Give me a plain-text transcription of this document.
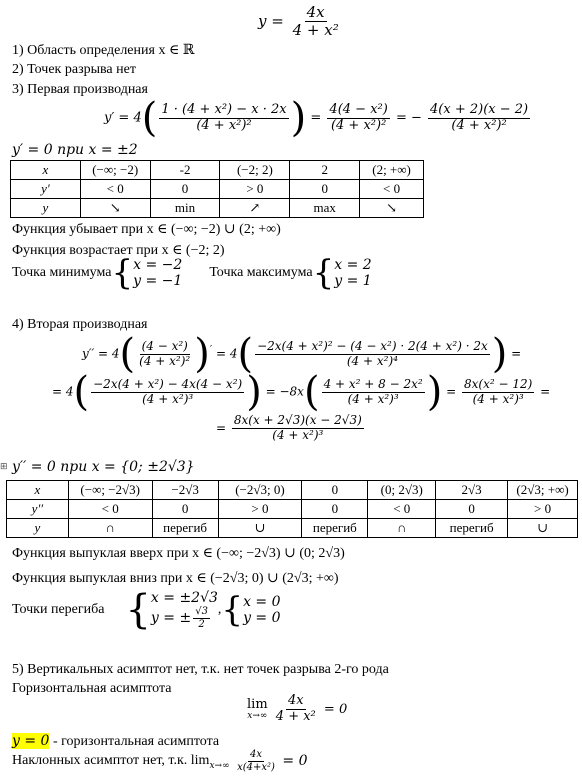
$y = \frac{4x}{\text{4 + x²}}$
1) Область определения x ∈ ℝ
2) Точек разрыва нет
3) Первая производная
$y' = 4( \frac{\text{1 · (4 + x²) − x · 2x}}{\text{(4 + x²)²}}$ ) = $\frac{\text{4(4 − x²)}}{\text{(4 + x²)²}}$ = − $\frac{4(x + 2)(x - 2)}{\text{(4 + x²)²}}$
y′ = 0 при x = ±2
x	(−∞; −2)	-2	(−2; 2)	2	(2; +∞)
y′	< 0	0	> 0	0	< 0
y	↘	min	↗	max	↘
Функция убывает при x ∈ (−∞; −2) ∪ (2; +∞)
Функция возрастает при x ∈ (−2; 2)
Точка минимума{ x = −2
y = −1
Точка максимума{ x = 2
y = 1
4) Вторая производная
$y'' = 4( \frac{\text{(4 − x²)}}{\text{(4 + x²)²}} )' = 4( \frac{\text{−2x(4 + x²)² − (4 − x²) · 2(4 + x²) · 2x}}{\text{(4 + x²)⁴}}$ ) =
= $4( \frac{\text{−2x(4 + x²) − 4x(4 − x²)}}{\text{(4 + x²)³}}$ ) = $-8x( \frac{\text{4 + x² + 8 − 2x²}}{\text{(4 + x²)³}}$ ) = $\frac{\text{8x(x² − 12)}}{\text{(4 + x²)³}}$ =
= $\frac{8x(x + 2√3)(x - 2√3)}{\text{(4 + x²)³}}$
⊞ y′′ = 0 при x = {0; ±2√3}
x	(−∞; −2√3)	−2√3	(−2√3; 0)	0	(0; 2√3)	2√3	(2√3; +∞)
y′′	< 0	0	> 0	0	< 0	0	> 0
y	∩	перегиб	∪	перегиб	∩	перегиб	∪
Функция выпуклая вверх при x ∈ (−∞; −2√3) ∪ (0; 2√3)
Функция выпуклая вниз при x ∈ (−2√3; 0) ∪ (2√3; +∞)
Точки перегиба { x = ±2√3
y = ± $\frac{√3}{2}$ ,{ x = 0
y = 0
5) Вертикальных асимптот нет, т.к. нет точек разрыва 2-го рода
Горизонтальная асимптота
lim
x→∞
$\frac{4x}{\text{4 + x²}} = 0$
y = 0 - горизонтальная асимптота
Наклонных асимптот нет, т.к. $\lim_{x\to\infty} \frac{4x}{\text{x(4+x²)}} = 0$
